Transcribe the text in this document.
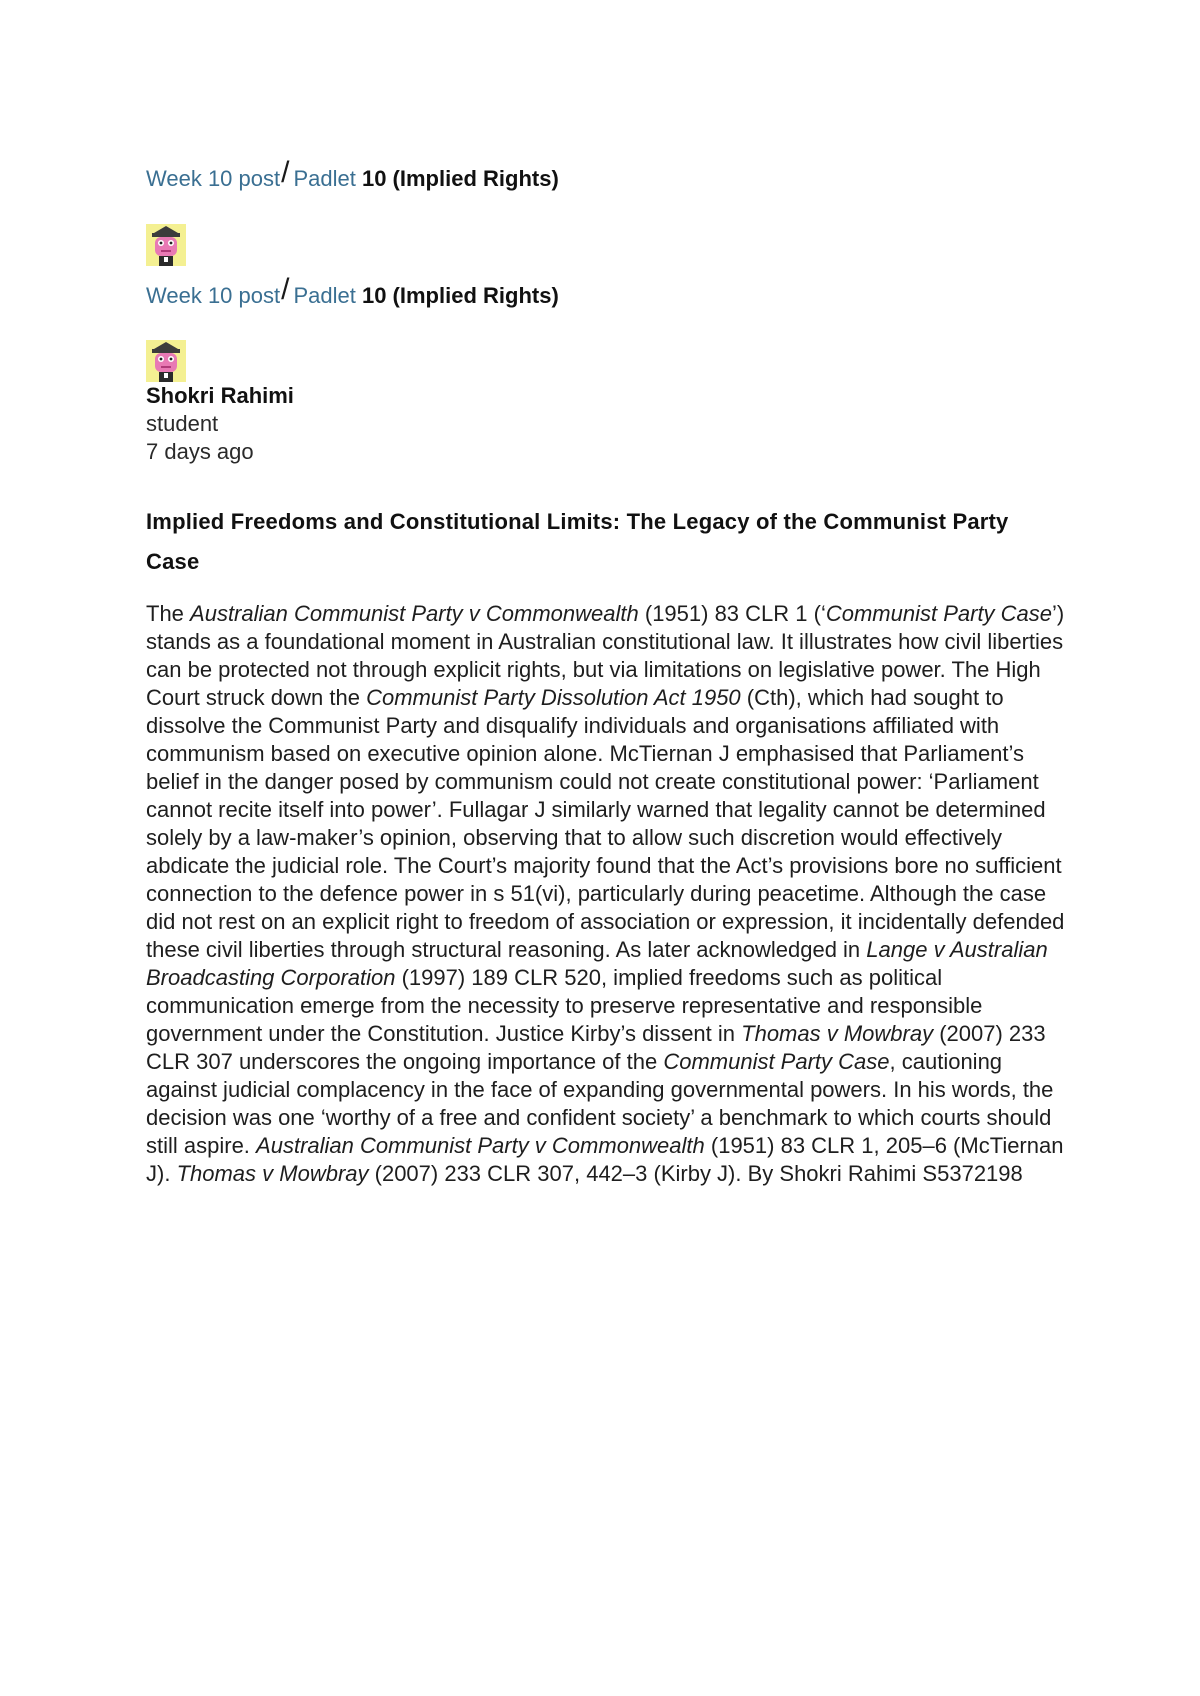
Week 10 post/ Padlet 10 (Implied Rights)
Week 10 post/ Padlet 10 (Implied Rights)
Shokri Rahimi
student
7 days ago
Implied Freedoms and Constitutional Limits: The Legacy of the Communist Party Case
The Australian Communist Party v Commonwealth (1951) 83 CLR 1 (‘Communist Party Case’) stands as a foundational moment in Australian constitutional law. It illustrates how civil liberties can be protected not through explicit rights, but via limitations on legislative power. The High Court struck down the Communist Party Dissolution Act 1950 (Cth), which had sought to dissolve the Communist Party and disqualify individuals and organisations affiliated with communism based on executive opinion alone. McTiernan J emphasised that Parliament’s belief in the danger posed by communism could not create constitutional power: ‘Parliament cannot recite itself into power’. Fullagar J similarly warned that legality cannot be determined solely by a law-maker’s opinion, observing that to allow such discretion would effectively abdicate the judicial role. The Court’s majority found that the Act’s provisions bore no sufficient connection to the defence power in s 51(vi), particularly during peacetime. Although the case did not rest on an explicit right to freedom of association or expression, it incidentally defended these civil liberties through structural reasoning. As later acknowledged in Lange v Australian Broadcasting Corporation (1997) 189 CLR 520, implied freedoms such as political communication emerge from the necessity to preserve representative and responsible government under the Constitution. Justice Kirby’s dissent in Thomas v Mowbray (2007) 233 CLR 307 underscores the ongoing importance of the Communist Party Case, cautioning against judicial complacency in the face of expanding governmental powers. In his words, the decision was one ‘worthy of a free and confident society’ a benchmark to which courts should still aspire. Australian Communist Party v Commonwealth (1951) 83 CLR 1, 205–6 (McTiernan J). Thomas v Mowbray (2007) 233 CLR 307, 442–3 (Kirby J). By Shokri Rahimi S5372198
